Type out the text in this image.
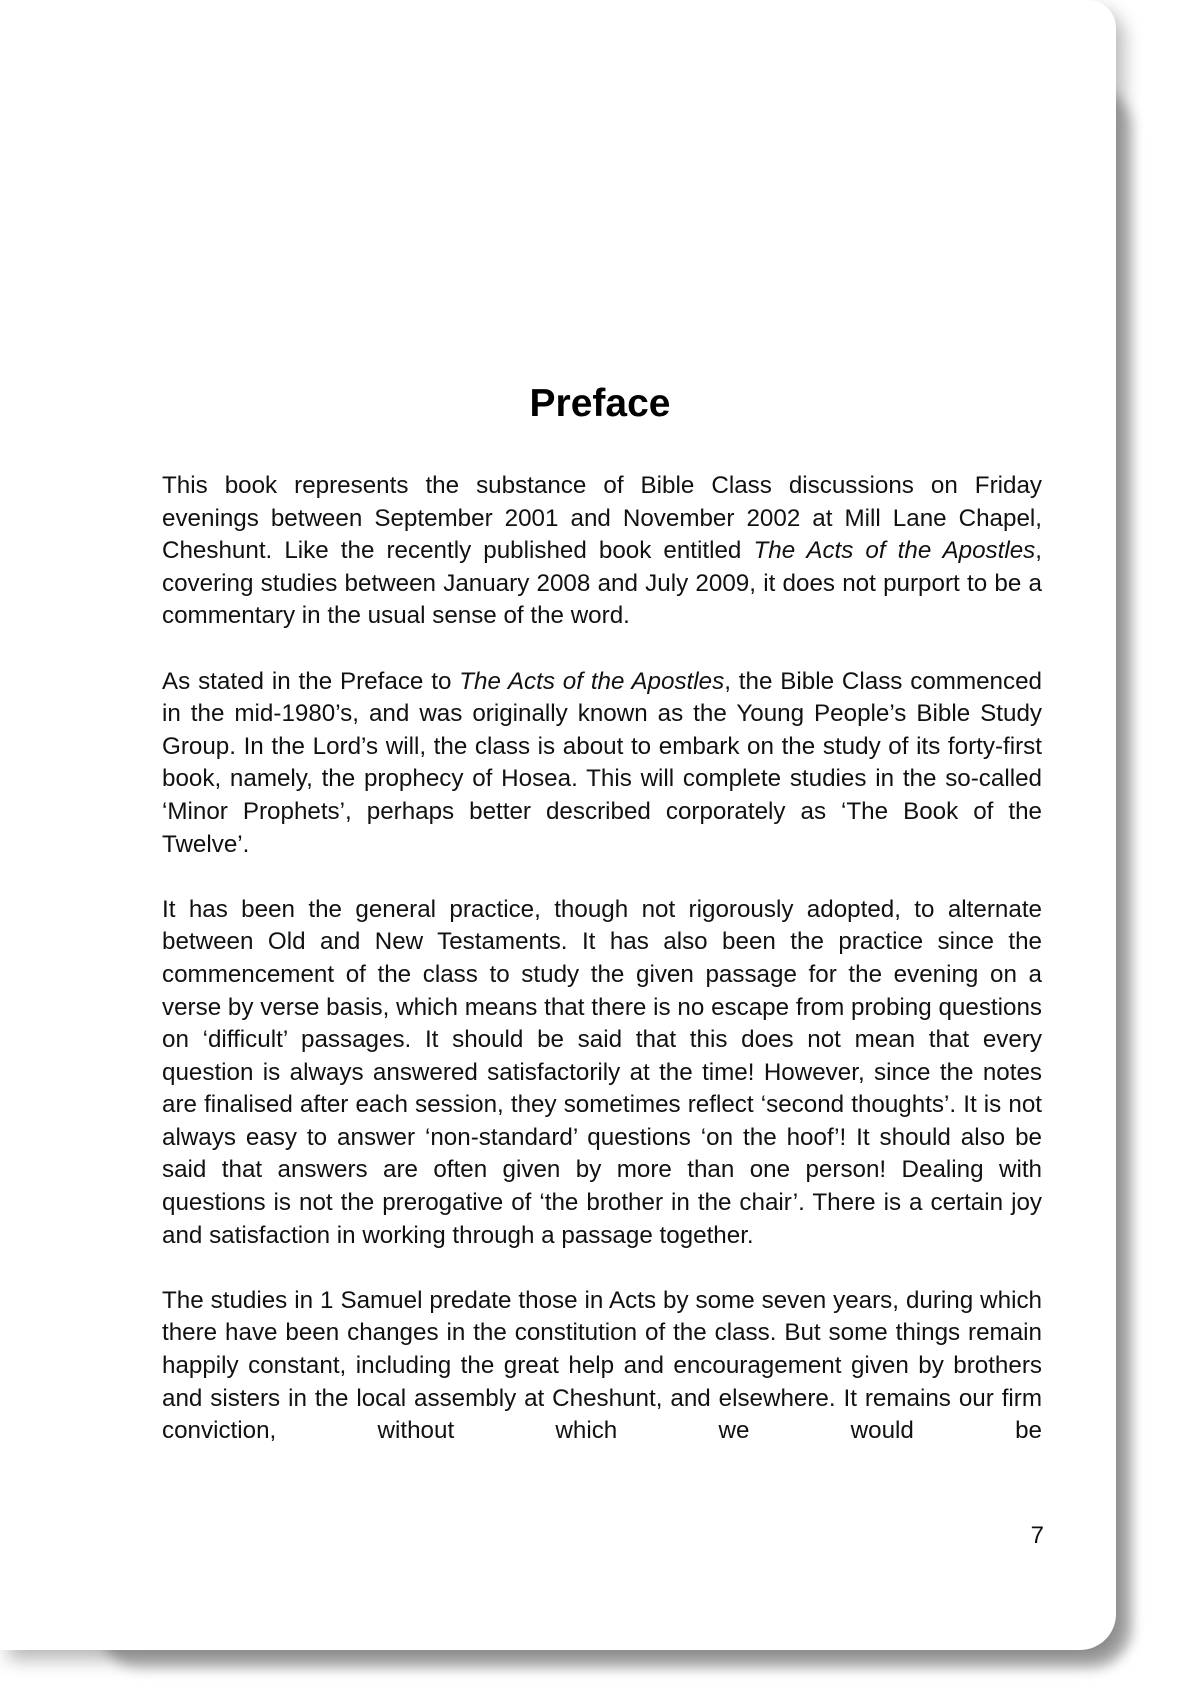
Preface

This book represents the substance of Bible Class discussions on Friday evenings between September 2001 and November 2002 at Mill Lane Chapel, Cheshunt. Like the recently published book entitled The Acts of the Apostles, covering studies between January 2008 and July 2009, it does not purport to be a commentary in the usual sense of the word.

As stated in the Preface to The Acts of the Apostles, the Bible Class commenced in the mid-1980’s, and was originally known as the Young People’s Bible Study Group. In the Lord’s will, the class is about to embark on the study of its forty-first book, namely, the prophecy of Hosea. This will complete studies in the so-called ‘Minor Prophets’, perhaps better described corporately as ‘The Book of the Twelve’.

It has been the general practice, though not rigorously adopted, to alternate between Old and New Testaments. It has also been the practice since the commencement of the class to study the given passage for the evening on a verse by verse basis, which means that there is no escape from probing questions on ‘difficult’ passages. It should be said that this does not mean that every question is always answered satisfactorily at the time! However, since the notes are finalised after each session, they sometimes reflect ‘second thoughts’. It is not always easy to answer ‘non-standard’ questions ‘on the hoof’! It should also be said that answers are often given by more than one person! Dealing with questions is not the prerogative of ‘the brother in the chair’. There is a certain joy and satisfaction in working through a passage together.

The studies in 1 Samuel predate those in Acts by some seven years, during which there have been changes in the constitution of the class. But some things remain happily constant, including the great help and encouragement given by brothers and sisters in the local assembly at Cheshunt, and elsewhere. It remains our firm conviction, without which we would be

7
